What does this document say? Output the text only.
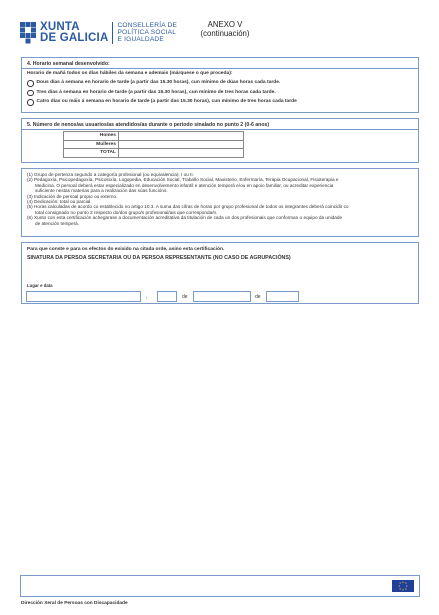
XUNTA
DE GALICIA
CONSELLERÍA DE
POLÍTICA SOCIAL
E IGUALDADE
ANEXO V
(continuación)
4. Horario semanal desenvolvido:
Horario de mañá todos os días hábiles da semana e ademais (márquese o que proceda):
Dous días á semana en horario de tarde (a partir das 15.30 horas), cun mínimo de dúas horas cada tarde.
Tres días á semana en horario de tarde (a partir das 15.30 horas), cun mínimo de tres horas cada tarde.
Catro días ou máis á semana en horario de tarde (a partir das 15.30 horas), cun mínimo de tres horas cada tarde
5. Número de nenos/as usuarios/as atendidos/as durante o período sinalado no punto 2 (0-6 anos)
Homes	
Mulleres	
TOTAL	

(1) Grupo de pertenza segundo a categoría profesional (ou equivalencia): I ou II.

(2) Pedagoxía, Psicopedagoxía, Psicoloxía, Logopedia, Educación Social, Traballo Social, Maxisterio, Enfermaría, Terapia Ocupacional, Fisioterapia e

Medicina. O persoal deberá estar especializado en desenvolvemento infantil e atención temperá e/ou en apoio familiar, ou acreditar experiencia

suficiente nestas materias para a realización das súas funcións.

(3) Indicación de persoal propio ou externo.

(4) Dedicación: total ou parcial.

(5) Horas calculadas de acordo co establecido no artigo 10.3. A suma das cifras de horas por grupo profesional de todos os integrantes deberá coincidir co

total consignado no punto 2 respecto do/dos grupo/s profesional/ais que corresponda/n.

(6) Xunto con esta certificación achegarase a documentación acreditativa da titulación de cada un dos profesionais que conforman o equipo da unidade

de atención temperá.

Para que conste e para os efectos do exixido na citada orde, asino esta certificación.
SINATURA DA PERSOA SECRETARIA OU DA PERSOA REPRESENTANTE (NO CASO DE AGRUPACIÓNS)
Lugar e data
,	de	de
Dirección Xeral de Persoas con Discapacidade
